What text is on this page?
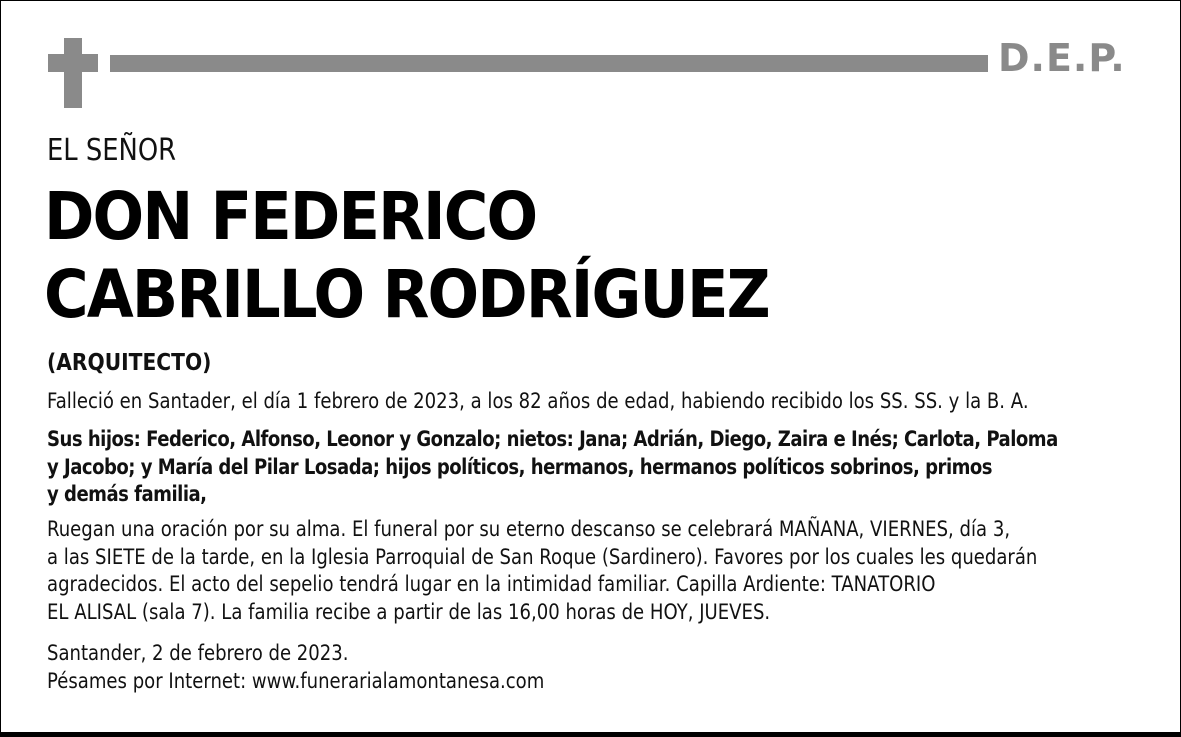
D.E.P.
EL SEÑOR
DON FEDERICO
CABRILLO RODRÍGUEZ
(ARQUITECTO)
Falleció en Santader, el día 1 febrero de 2023, a los 82 años de edad, habiendo recibido los SS. SS. y la B. A.
Sus hijos: Federico, Alfonso, Leonor y Gonzalo; nietos: Jana; Adrián, Diego, Zaira e Inés; Carlota, Paloma
y Jacobo; y María del Pilar Losada; hijos políticos, hermanos, hermanos políticos sobrinos, primos
y demás familia,
Ruegan una oración por su alma. El funeral por su eterno descanso se celebrará MAÑANA, VIERNES, día 3,
a las SIETE de la tarde, en la Iglesia Parroquial de San Roque (Sardinero). Favores por los cuales les quedarán
agradecidos. El acto del sepelio tendrá lugar en la intimidad familiar. Capilla Ardiente: TANATORIO
EL ALISAL (sala 7). La familia recibe a partir de las 16,00 horas de HOY, JUEVES.
Santander, 2 de febrero de 2023.
Pésames por Internet: www.funerarialamontanesa.com
